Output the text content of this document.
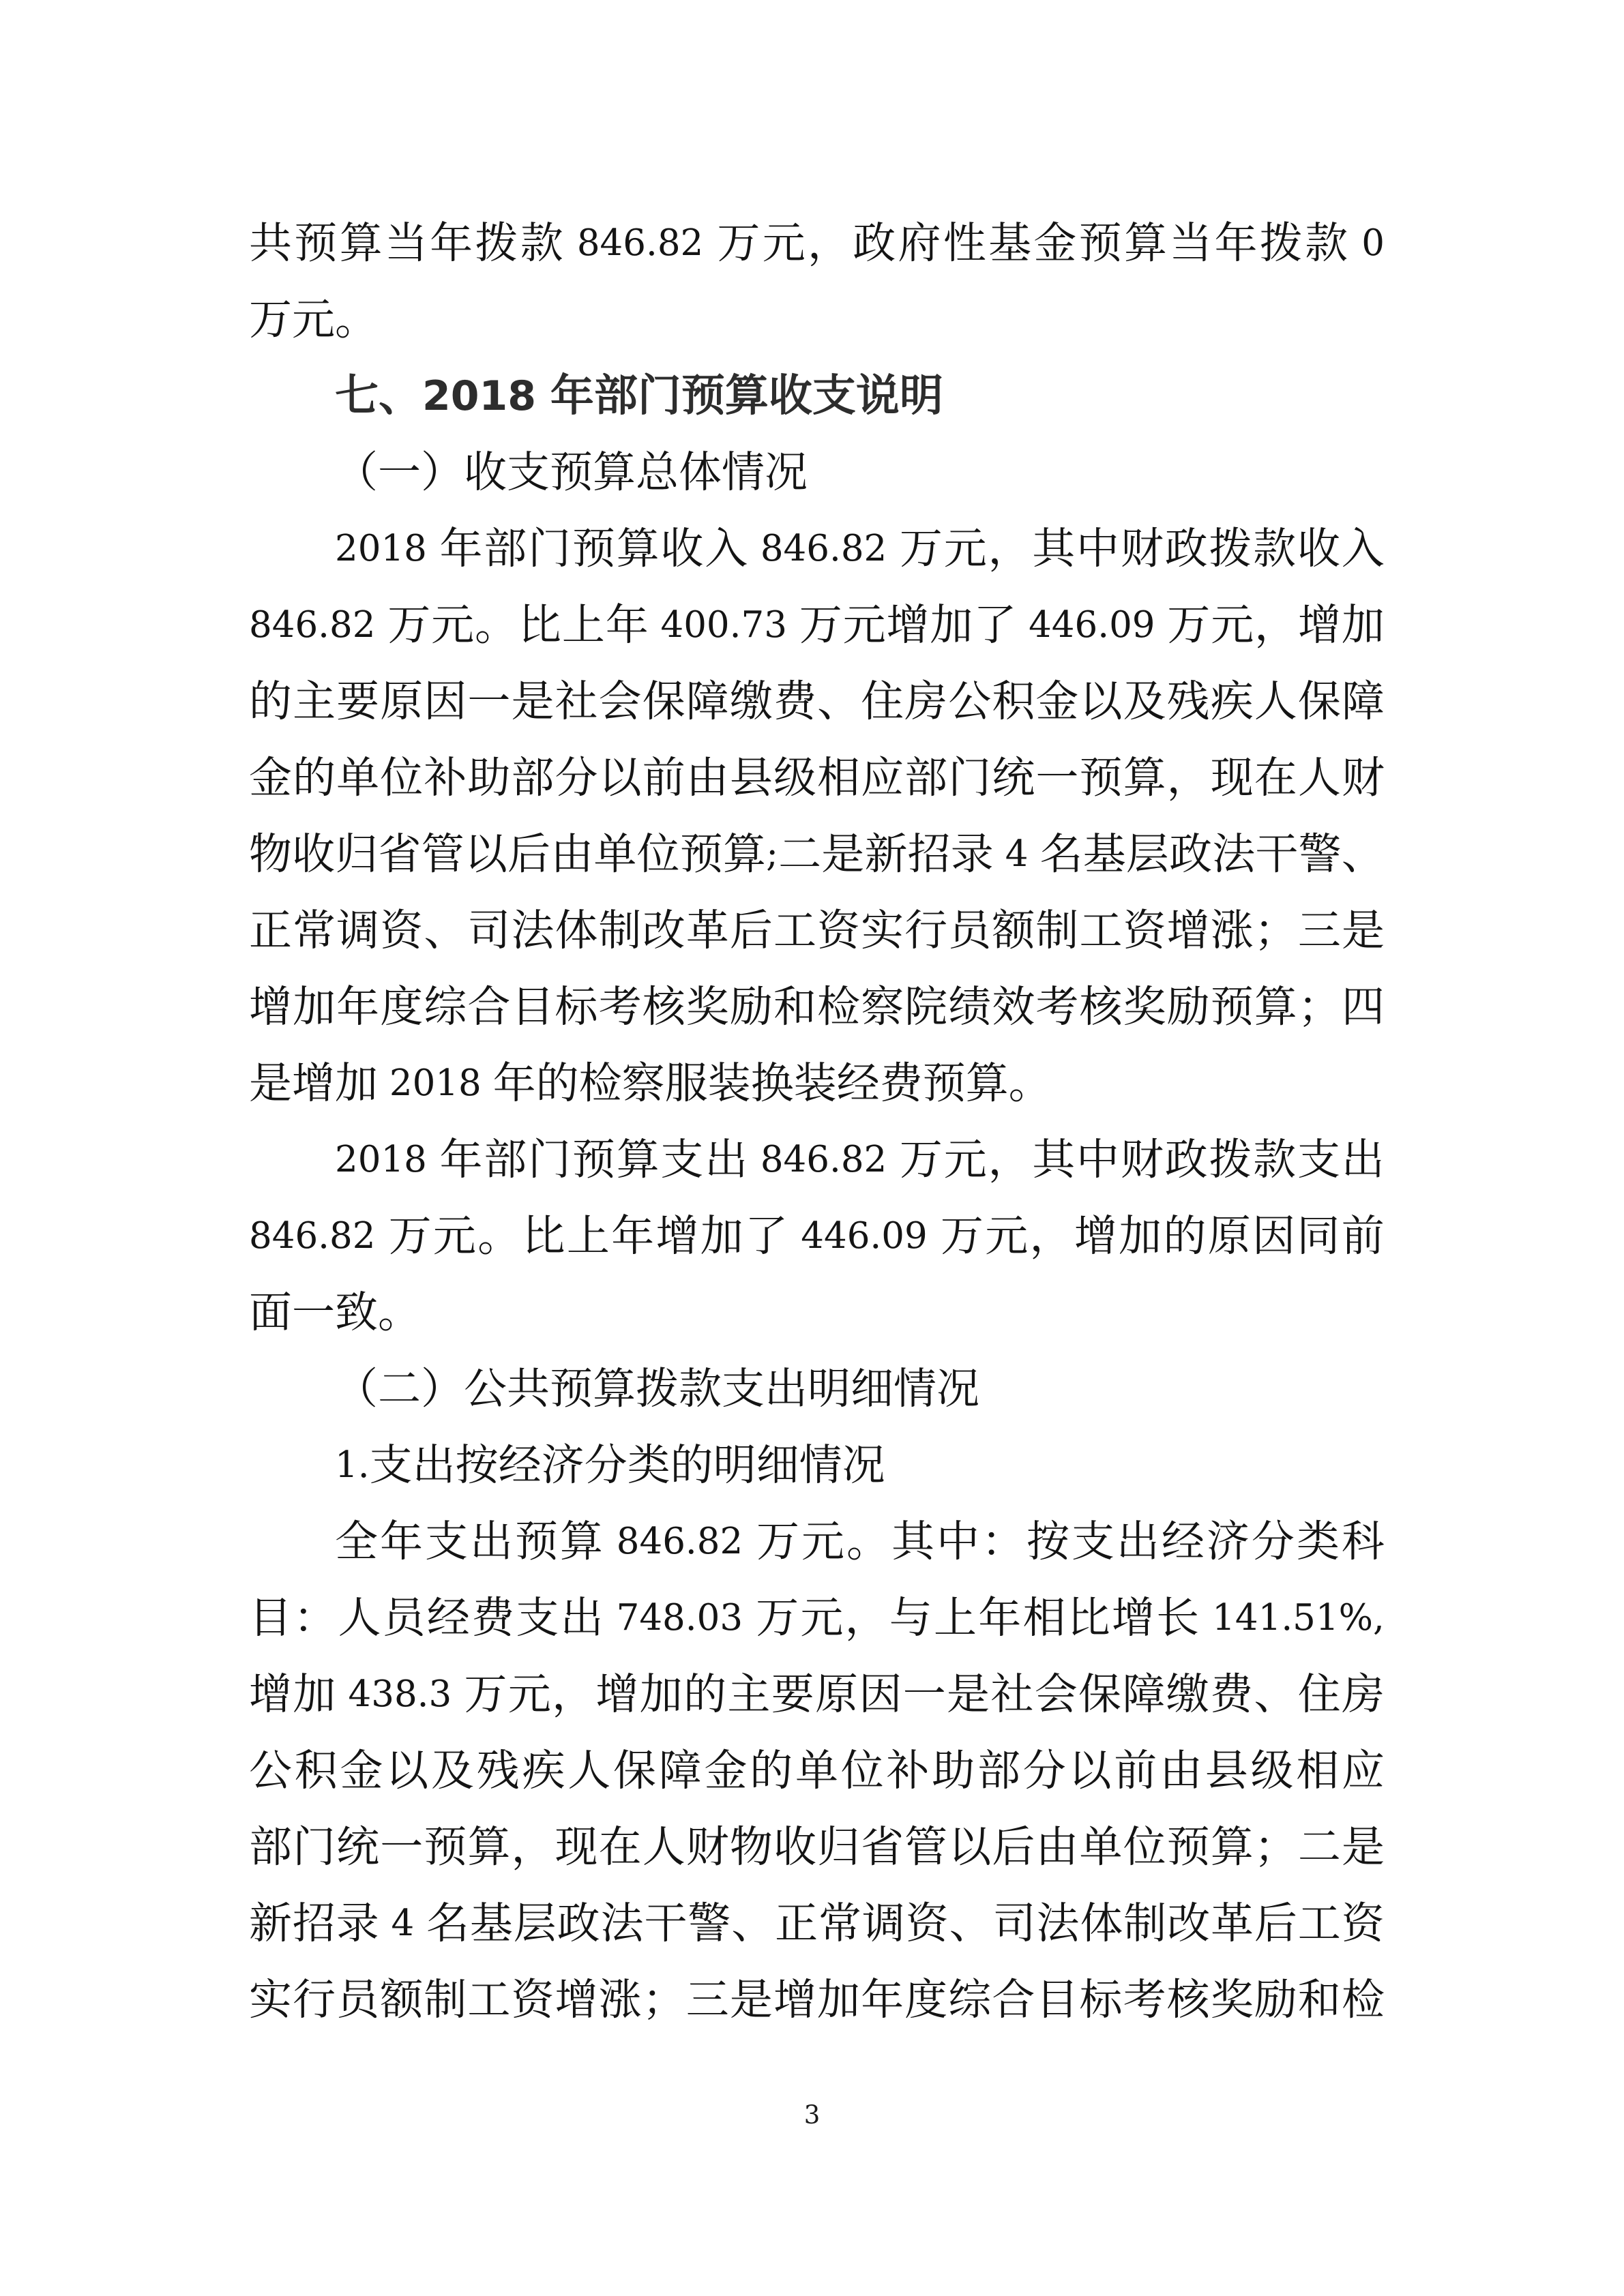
共 预 算 当 年 拨 款 846.82 万 元 ， 政 府 性 基 金 预 算 当 年 拨 款 0
万 元 。
七 、 2018 年 部 门 预 算 收 支 说 明
（ 一 ） 收 支 预 算 总 体 情 况
2018 年 部 门 预 算 收 入 846.82 万 元 ， 其 中 财 政 拨 款 收 入
846.82 万 元 。 比 上 年 400.73 万 元 增 加 了 446.09 万 元 ， 增 加
的 主 要 原 因 一 是 社 会 保 障 缴 费 、 住 房 公 积 金 以 及 残 疾 人 保 障
金 的 单 位 补 助 部 分 以 前 由 县 级 相 应 部 门 统 一 预 算 ， 现 在 人 财
物 收 归 省 管 以 后 由 单 位 预 算 ; 二 是 新 招 录 4 名 基 层 政 法 干 警 、
正 常 调 资 、 司 法 体 制 改 革 后 工 资 实 行 员 额 制 工 资 增 涨 ； 三 是
增 加 年 度 综 合 目 标 考 核 奖 励 和 检 察 院 绩 效 考 核 奖 励 预 算 ； 四
是 增 加 2018 年 的 检 察 服 装 换 装 经 费 预 算 。
2018 年 部 门 预 算 支 出 846.82 万 元 ， 其 中 财 政 拨 款 支 出
846.82 万 元 。 比 上 年 增 加 了 446.09 万 元 ， 增 加 的 原 因 同 前
面 一 致 。
（ 二 ） 公 共 预 算 拨 款 支 出 明 细 情 况
1. 支 出 按 经 济 分 类 的 明 细 情 况
全 年 支 出 预 算 846.82 万 元 。 其 中 ： 按 支 出 经 济 分 类 科
目 ： 人 员 经 费 支 出 748.03 万 元 ， 与 上 年 相 比 增 长 141.51%,
增 加 438.3 万 元 ， 增 加 的 主 要 原 因 一 是 社 会 保 障 缴 费 、 住 房
公 积 金 以 及 残 疾 人 保 障 金 的 单 位 补 助 部 分 以 前 由 县 级 相 应
部 门 统 一 预 算 ， 现 在 人 财 物 收 归 省 管 以 后 由 单 位 预 算 ； 二 是
新 招 录 4 名 基 层 政 法 干 警 、 正 常 调 资 、 司 法 体 制 改 革 后 工 资
实 行 员 额 制 工 资 增 涨 ； 三 是 增 加 年 度 综 合 目 标 考 核 奖 励 和 检
3
